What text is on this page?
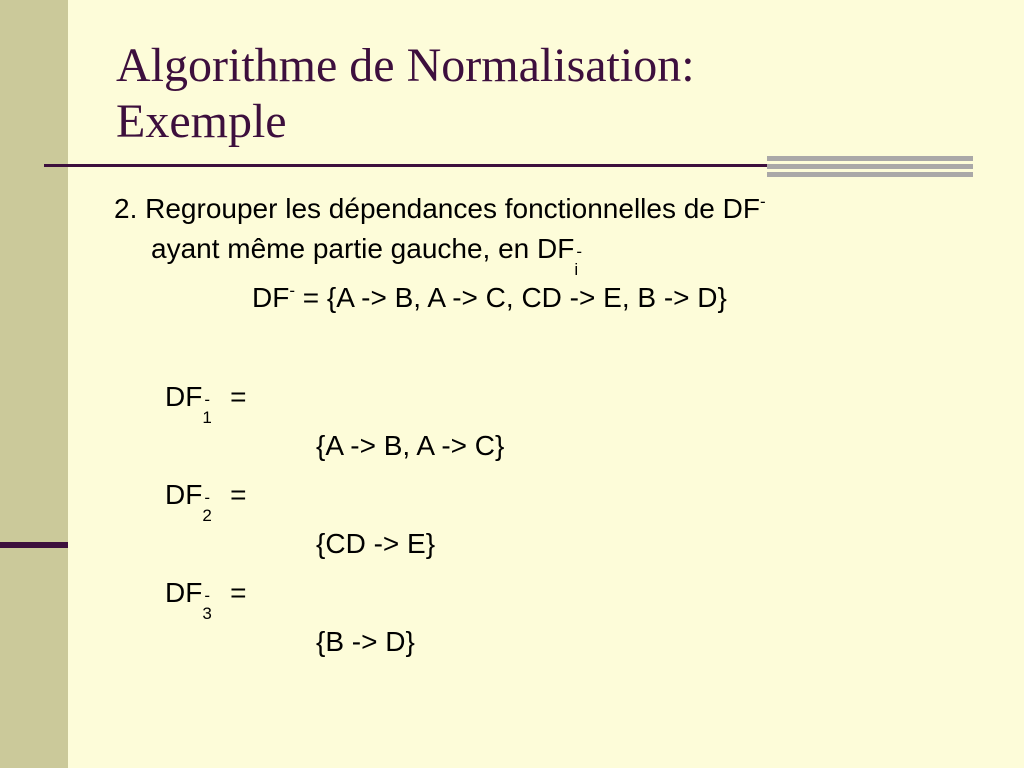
Algorithme de Normalisation:
Exemple
2. Regrouper les dépendances fonctionnelles de DF-
ayant même partie gauche, en DF -
i
DF- = {A -> B, A -> C, CD -> E, B -> D}
DF -
1
=
{A -> B, A -> C}
DF -
2
=
{CD -> E}
DF -
3
=
{B -> D}
